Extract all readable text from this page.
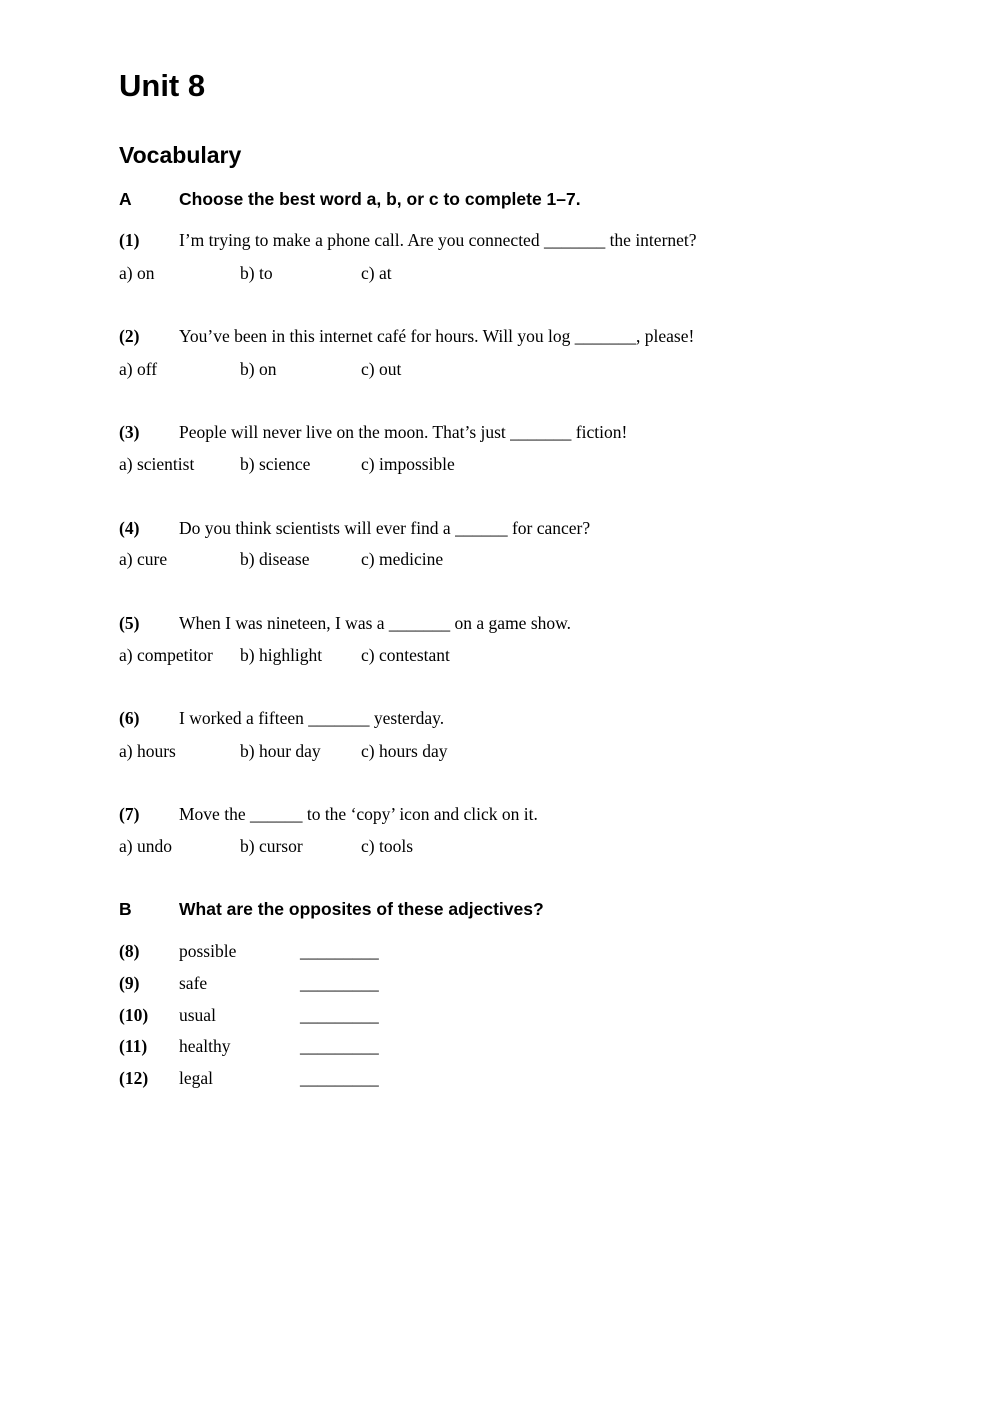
Unit 8
Vocabulary
A	Choose the best word a, b, or c to complete 1–7.
(1) I’m trying to make a phone call. Are you connected _______ the internet?
a) on	b) to	c) at
(2) You’ve been in this internet café for hours. Will you log _______, please!
a) off	b) on	c) out
(3) People will never live on the moon. That’s just _______ fiction!
a) scientist	b) science	c) impossible
(4) Do you think scientists will ever find a ______ for cancer?
a) cure	b) disease	c) medicine
(5) When I was nineteen, I was a _______ on a game show.
a) competitor b) highlight c) contestant
(6) I worked a fifteen _______ yesterday.
a) hours	b) hour day c) hours day
(7) Move the ______ to the ‘copy’ icon and click on it.
a) undo	b) cursor	c) tools
B	What are the opposites of these adjectives?
(8) possible	_________
(9) safe	_________
(10) usual	_________
(11) healthy	_________
(12) legal	_________
